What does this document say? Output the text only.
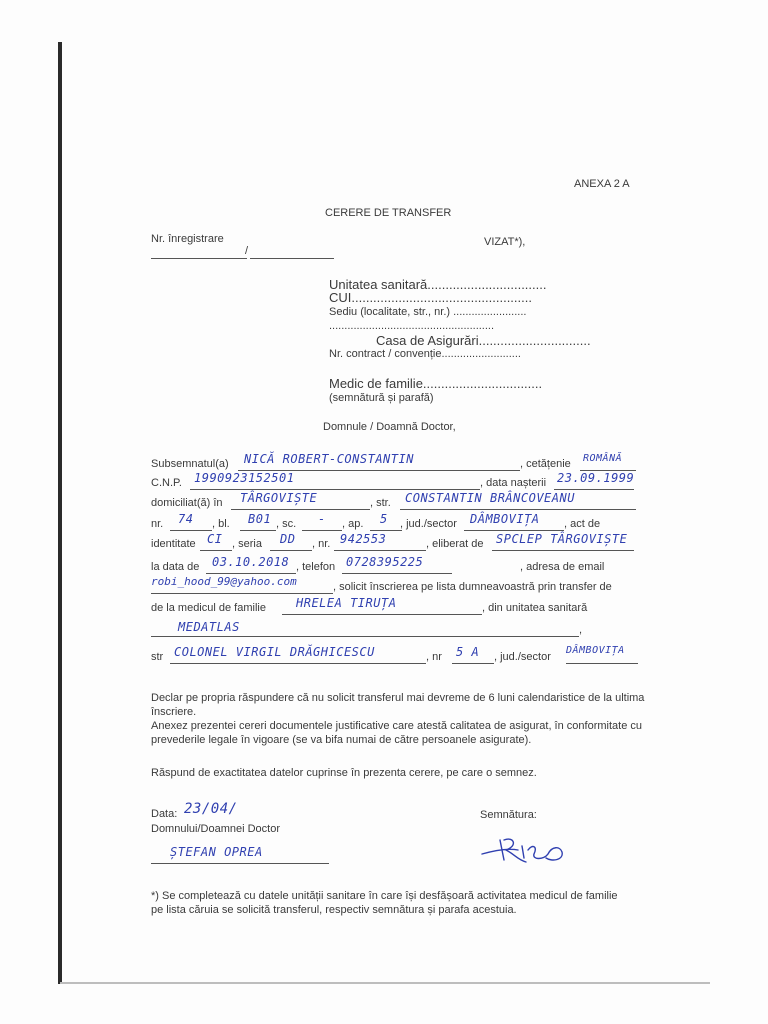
ANEXA 2 A
CERERE DE TRANSFER
Nr. înregistrare
/
VIZAT*),
Unitatea sanitară.................................
CUI..................................................
Sediu (localitate, str., nr.) ........................
......................................................
Casa de Asigurări...............................
Nr. contract / convenție..........................
Medic de familie.................................
(semnătură și parafă)
Domnule / Doamnă Doctor,
Subsemnatul(a) NICĂ ROBERT-CONSTANTIN	, cetățenie ROMÂNĂ
C.N.P. 1990923152501	, data nașterii 23.09.1999
domiciliat(ă) în TÂRGOVIȘTE	, str. CONSTANTIN BRÂNCOVEANU
nr. 74 , bl. B01 , sc. - , ap. 5 , jud./sector DÂMBOVIȚA , act de
identitate CI , seria DD , nr. 942553	, eliberat de SPCLEP TÂRGOVIȘTE
la data de 03.10.2018 , telefon 0728395225	, adresa de email
robi_hood_99@yahoo.com	, solicit înscrierea pe lista dumneavoastră prin transfer de
de la medicul de familie	HRELEA TIRUȚA	, din unitatea sanitară
MEDATLAS	,
str COLONEL VIRGIL DRĂGHICESCU	, nr 5 A , jud./sector
DÂMBOVIȚA
Declar pe propria răspundere că nu solicit transferul mai devreme de 6 luni calendaristice de la ultima înscriere.
Anexez prezentei cereri documentele justificative care atestă calitatea de asigurat, în conformitate cu prevederile legale în vigoare (se va bifa numai de către persoanele asigurate).
Răspund de exactitatea datelor cuprinse în prezenta cerere, pe care o semnez.
Data: 23/04/
Domnului/Doamnei Doctor
ȘTEFAN OPREA
Semnătura:
*) Se completează cu datele unității sanitare în care își desfășoară activitatea medicul de familie pe lista căruia se solicită transferul, respectiv semnătura și parafa acestuia.
